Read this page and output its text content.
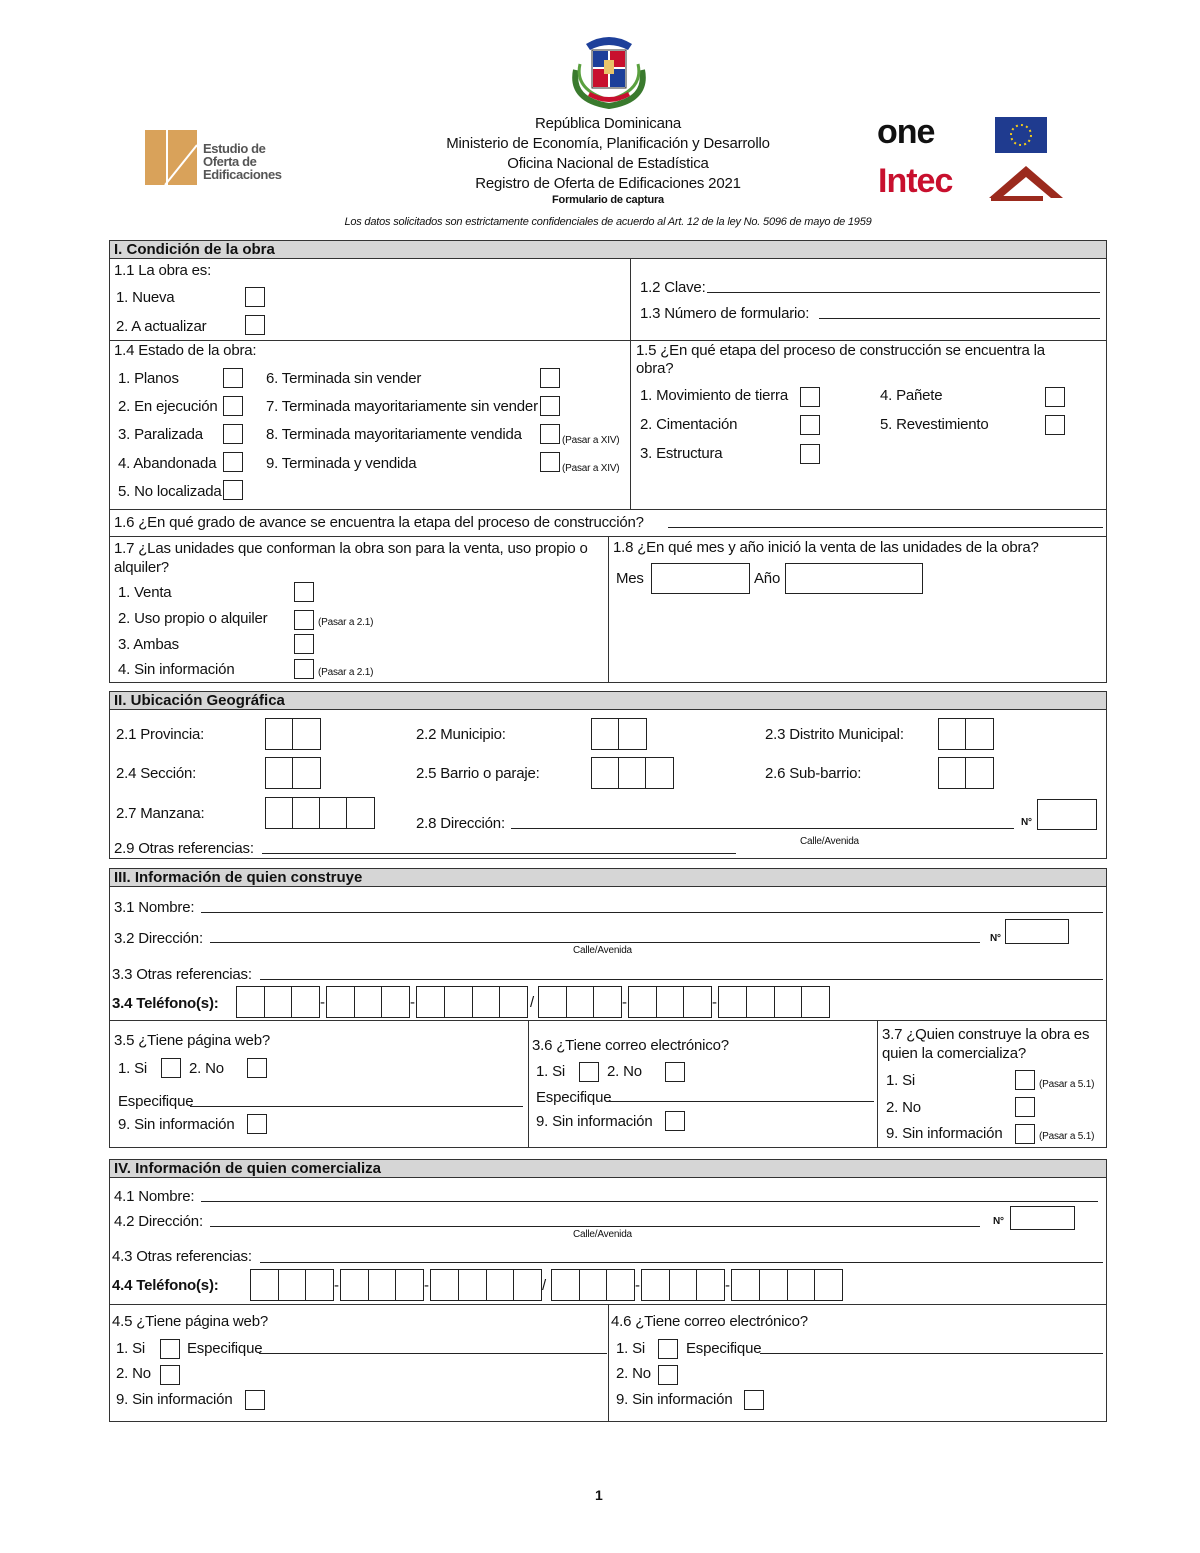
República Dominicana
Ministerio de Economía, Planificación y Desarrollo
Oficina Nacional de Estadística
Registro de Oferta de Edificaciones 2021
Formulario de captura
Los datos solicitados son estrictamente confidenciales de acuerdo al Art. 12 de la ley No. 5096 de mayo de 1959
Estudio de
Oferta de
Edificaciones
one
Intec
I. Condición de la obra
1.1 La obra es:
1. Nueva
2. A actualizar
1.2 Clave:
1.3 Número de formulario:
1.4 Estado de la obra:
1. Planos
2. En ejecución
3. Paralizada
4. Abandonada
5. No localizada
6. Terminada sin vender
7. Terminada mayoritariamente sin vender
8. Terminada mayoritariamente vendida	(Pasar a XIV)
9. Terminada y vendida	(Pasar a XIV)
1.5 ¿En qué etapa del proceso de construcción se encuentra la obra?
1. Movimiento de tierra
2. Cimentación
3. Estructura
4. Pañete
5. Revestimiento
1.6 ¿En qué grado de avance se encuentra la etapa del proceso de construcción?
1.7 ¿Las unidades que conforman la obra son para la venta, uso propio o alquiler?
1. Venta
2. Uso propio o alquiler	(Pasar a 2.1)
3. Ambas
4. Sin información	(Pasar a 2.1)
1.8 ¿En qué mes y año inició la venta de las unidades de la obra?
Mes	Año
II. Ubicación Geográfica
2.1 Provincia:	2.2 Municipio:	2.3 Distrito Municipal:
2.4 Sección:	2.5 Barrio o paraje:	2.6 Sub-barrio:
2.7 Manzana:
2.8 Dirección:
Calle/Avenida
N°
2.9 Otras referencias:
III. Información de quien construye
3.1 Nombre:
3.2 Dirección:
Calle/Avenida
N°
3.3 Otras referencias:
3.4 Teléfono(s):	-	-	/	-	-
3.5 ¿Tiene página web?
1. Si	2. No
Especifique
9. Sin información
3.6 ¿Tiene correo electrónico?
1. Si	2. No
Especifique
9. Sin información
3.7 ¿Quien construye la obra es quien la comercializa?
1. Si	(Pasar a 5.1)
2. No
9. Sin información	(Pasar a 5.1)
IV. Información de quien comercializa
4.1 Nombre:
4.2 Dirección:
Calle/Avenida
N°
4.3 Otras referencias:
4.4 Teléfono(s):	-	-	/	-	-
4.5 ¿Tiene página web?
1. Si	Especifique
2. No
9. Sin información
4.6 ¿Tiene correo electrónico?
1. Si	Especifique
2. No
9. Sin información
1
